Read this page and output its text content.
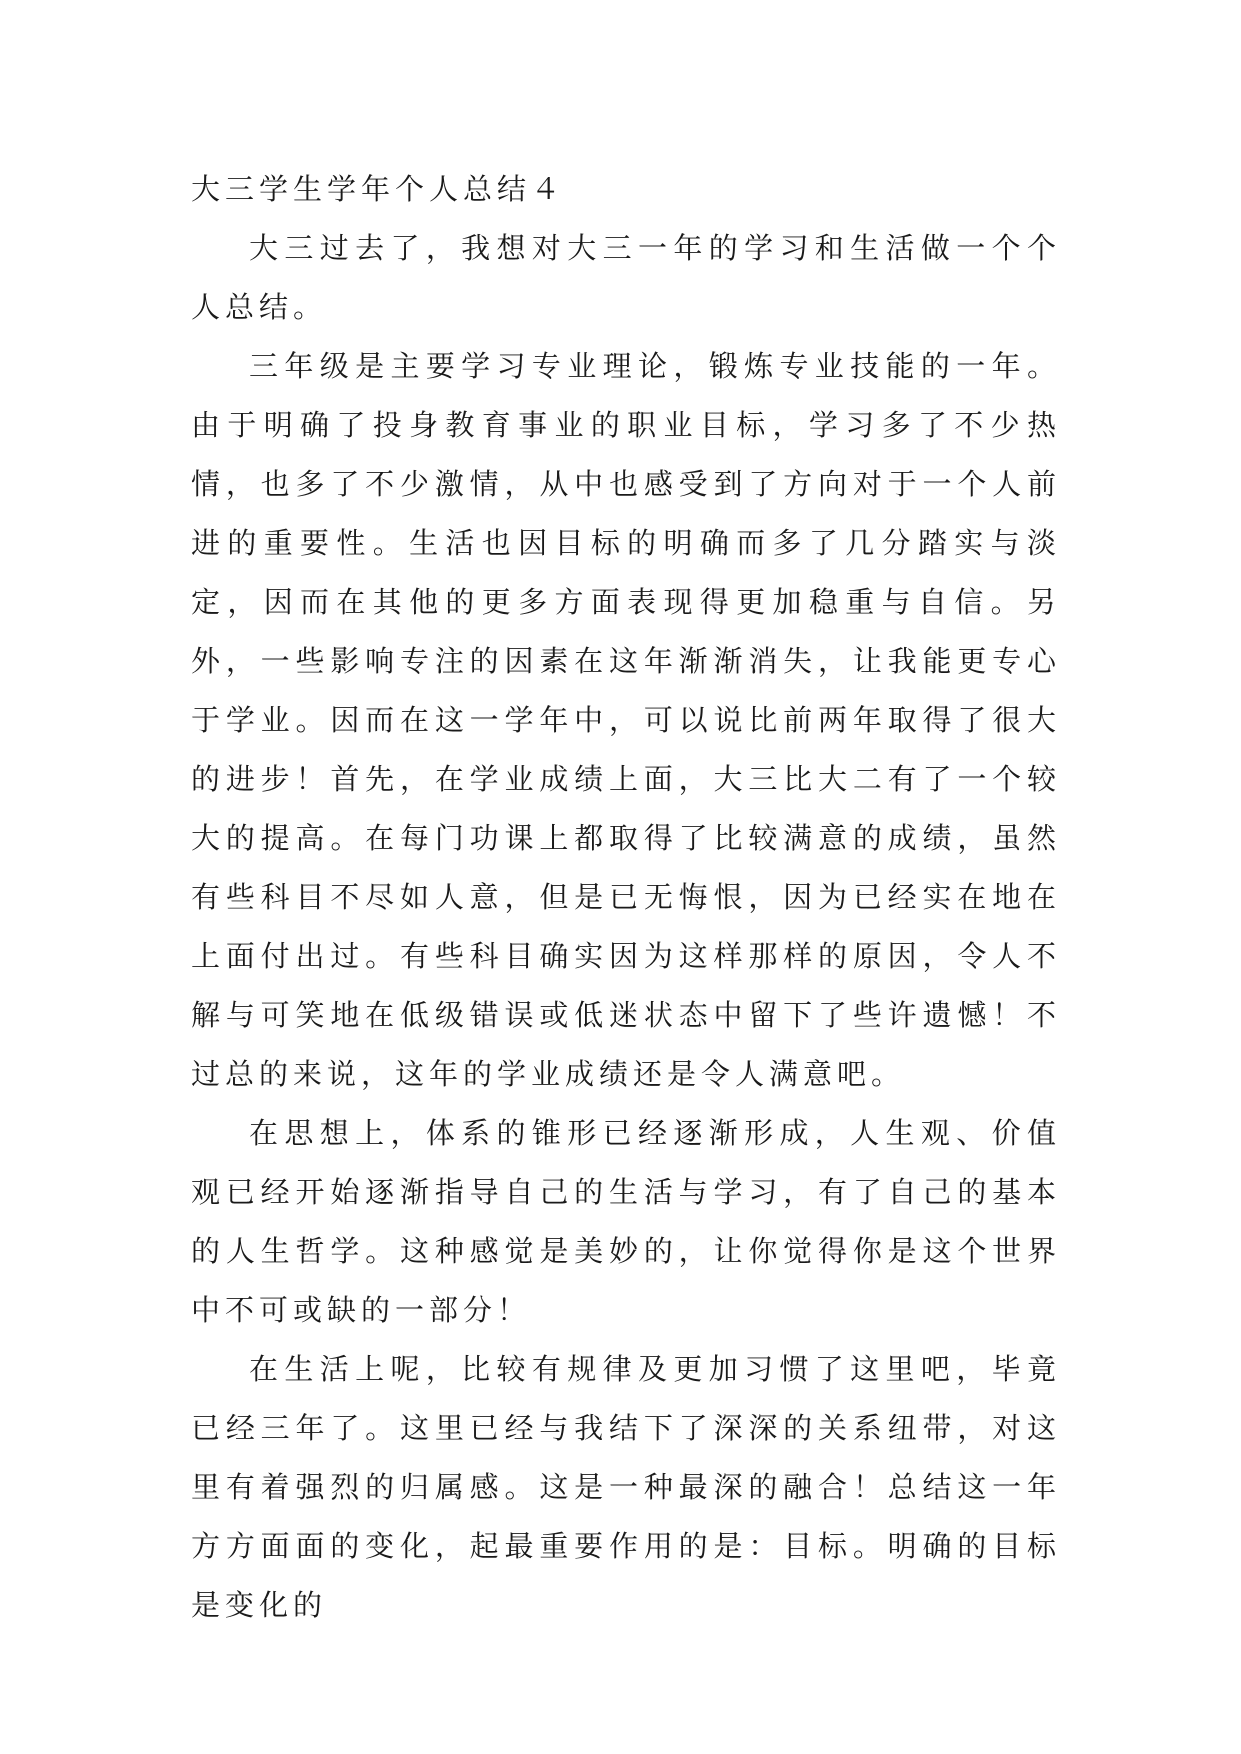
大三学生学年个人总结４

大三过去了，我想对大三一年的学习和生活做一个个人总结。

三年级是主要学习专业理论，锻炼专业技能的一年。由于明确了投身教育事业的职业目标，学习多了不少热情，也多了不少激情，从中也感受到了方向对于一个人前进的重要性。生活也因目标的明确而多了几分踏实与淡定，因而在其他的更多方面表现得更加稳重与自信。另外，一些影响专注的因素在这年渐渐消失，让我能更专心于学业。因而在这一学年中，可以说比前两年取得了很大的进步！首先，在学业成绩上面，大三比大二有了一个较大的提高。在每门功课上都取得了比较满意的成绩，虽然有些科目不尽如人意，但是已无悔恨，因为已经实在地在上面付出过。有些科目确实因为这样那样的原因，令人不解与可笑地在低级错误或低迷状态中留下了些许遗憾！不过总的来说，这年的学业成绩还是令人满意吧。

在思想上，体系的锥形已经逐渐形成，人生观、价值观已经开始逐渐指导自己的生活与学习，有了自己的基本的人生哲学。这种感觉是美妙的，让你觉得你是这个世界中不可或缺的一部分！

在生活上呢，比较有规律及更加习惯了这里吧，毕竟已经三年了。这里已经与我结下了深深的关系纽带，对这里有着强烈的归属感。这是一种最深的融合！总结这一年方方面面的变化，起最重要作用的是：目标。明确的目标是变化的
